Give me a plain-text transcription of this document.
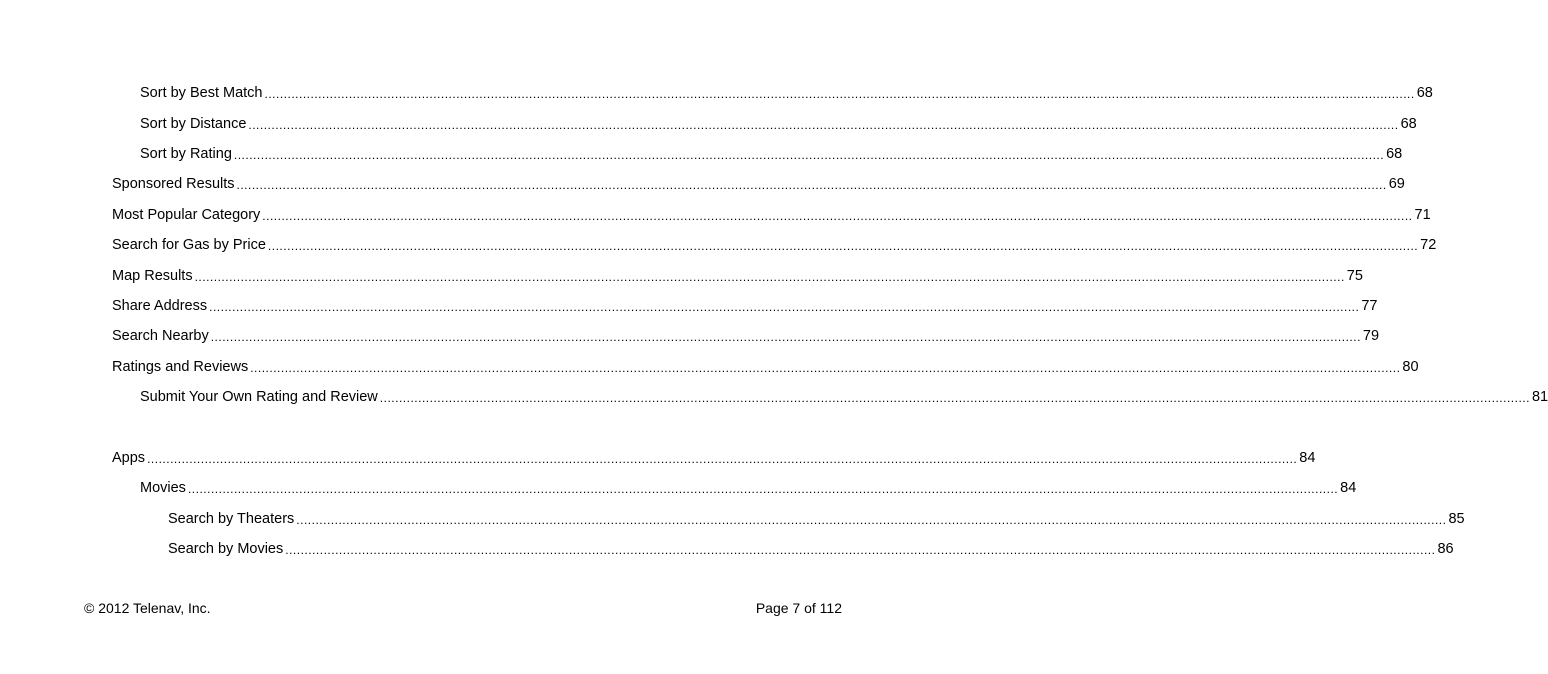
Sort by Best Match ............................................................................................................................................................................................................................................................................................................ 68
Sort by Distance ............................................................................................................................................................................................................................................................................................................ 68
Sort by Rating ............................................................................................................................................................................................................................................................................................................ 68
Sponsored Results ............................................................................................................................................................................................................................................................................................................ 69
Most Popular Category ............................................................................................................................................................................................................................................................................................................ 71
Search for Gas by Price ............................................................................................................................................................................................................................................................................................................ 72
Map Results ............................................................................................................................................................................................................................................................................................................ 75
Share Address ............................................................................................................................................................................................................................................................................................................ 77
Search Nearby ............................................................................................................................................................................................................................................................................................................ 79
Ratings and Reviews ............................................................................................................................................................................................................................................................................................................ 80
Submit Your Own Rating and Review ............................................................................................................................................................................................................................................................................................................ 81
Apps ............................................................................................................................................................................................................................................................................................................ 84
Movies ............................................................................................................................................................................................................................................................................................................ 84
Search by Theaters ............................................................................................................................................................................................................................................................................................................ 85
Search by Movies ............................................................................................................................................................................................................................................................................................................ 86
© 2012 Telenav, Inc.	Page 7 of 112
